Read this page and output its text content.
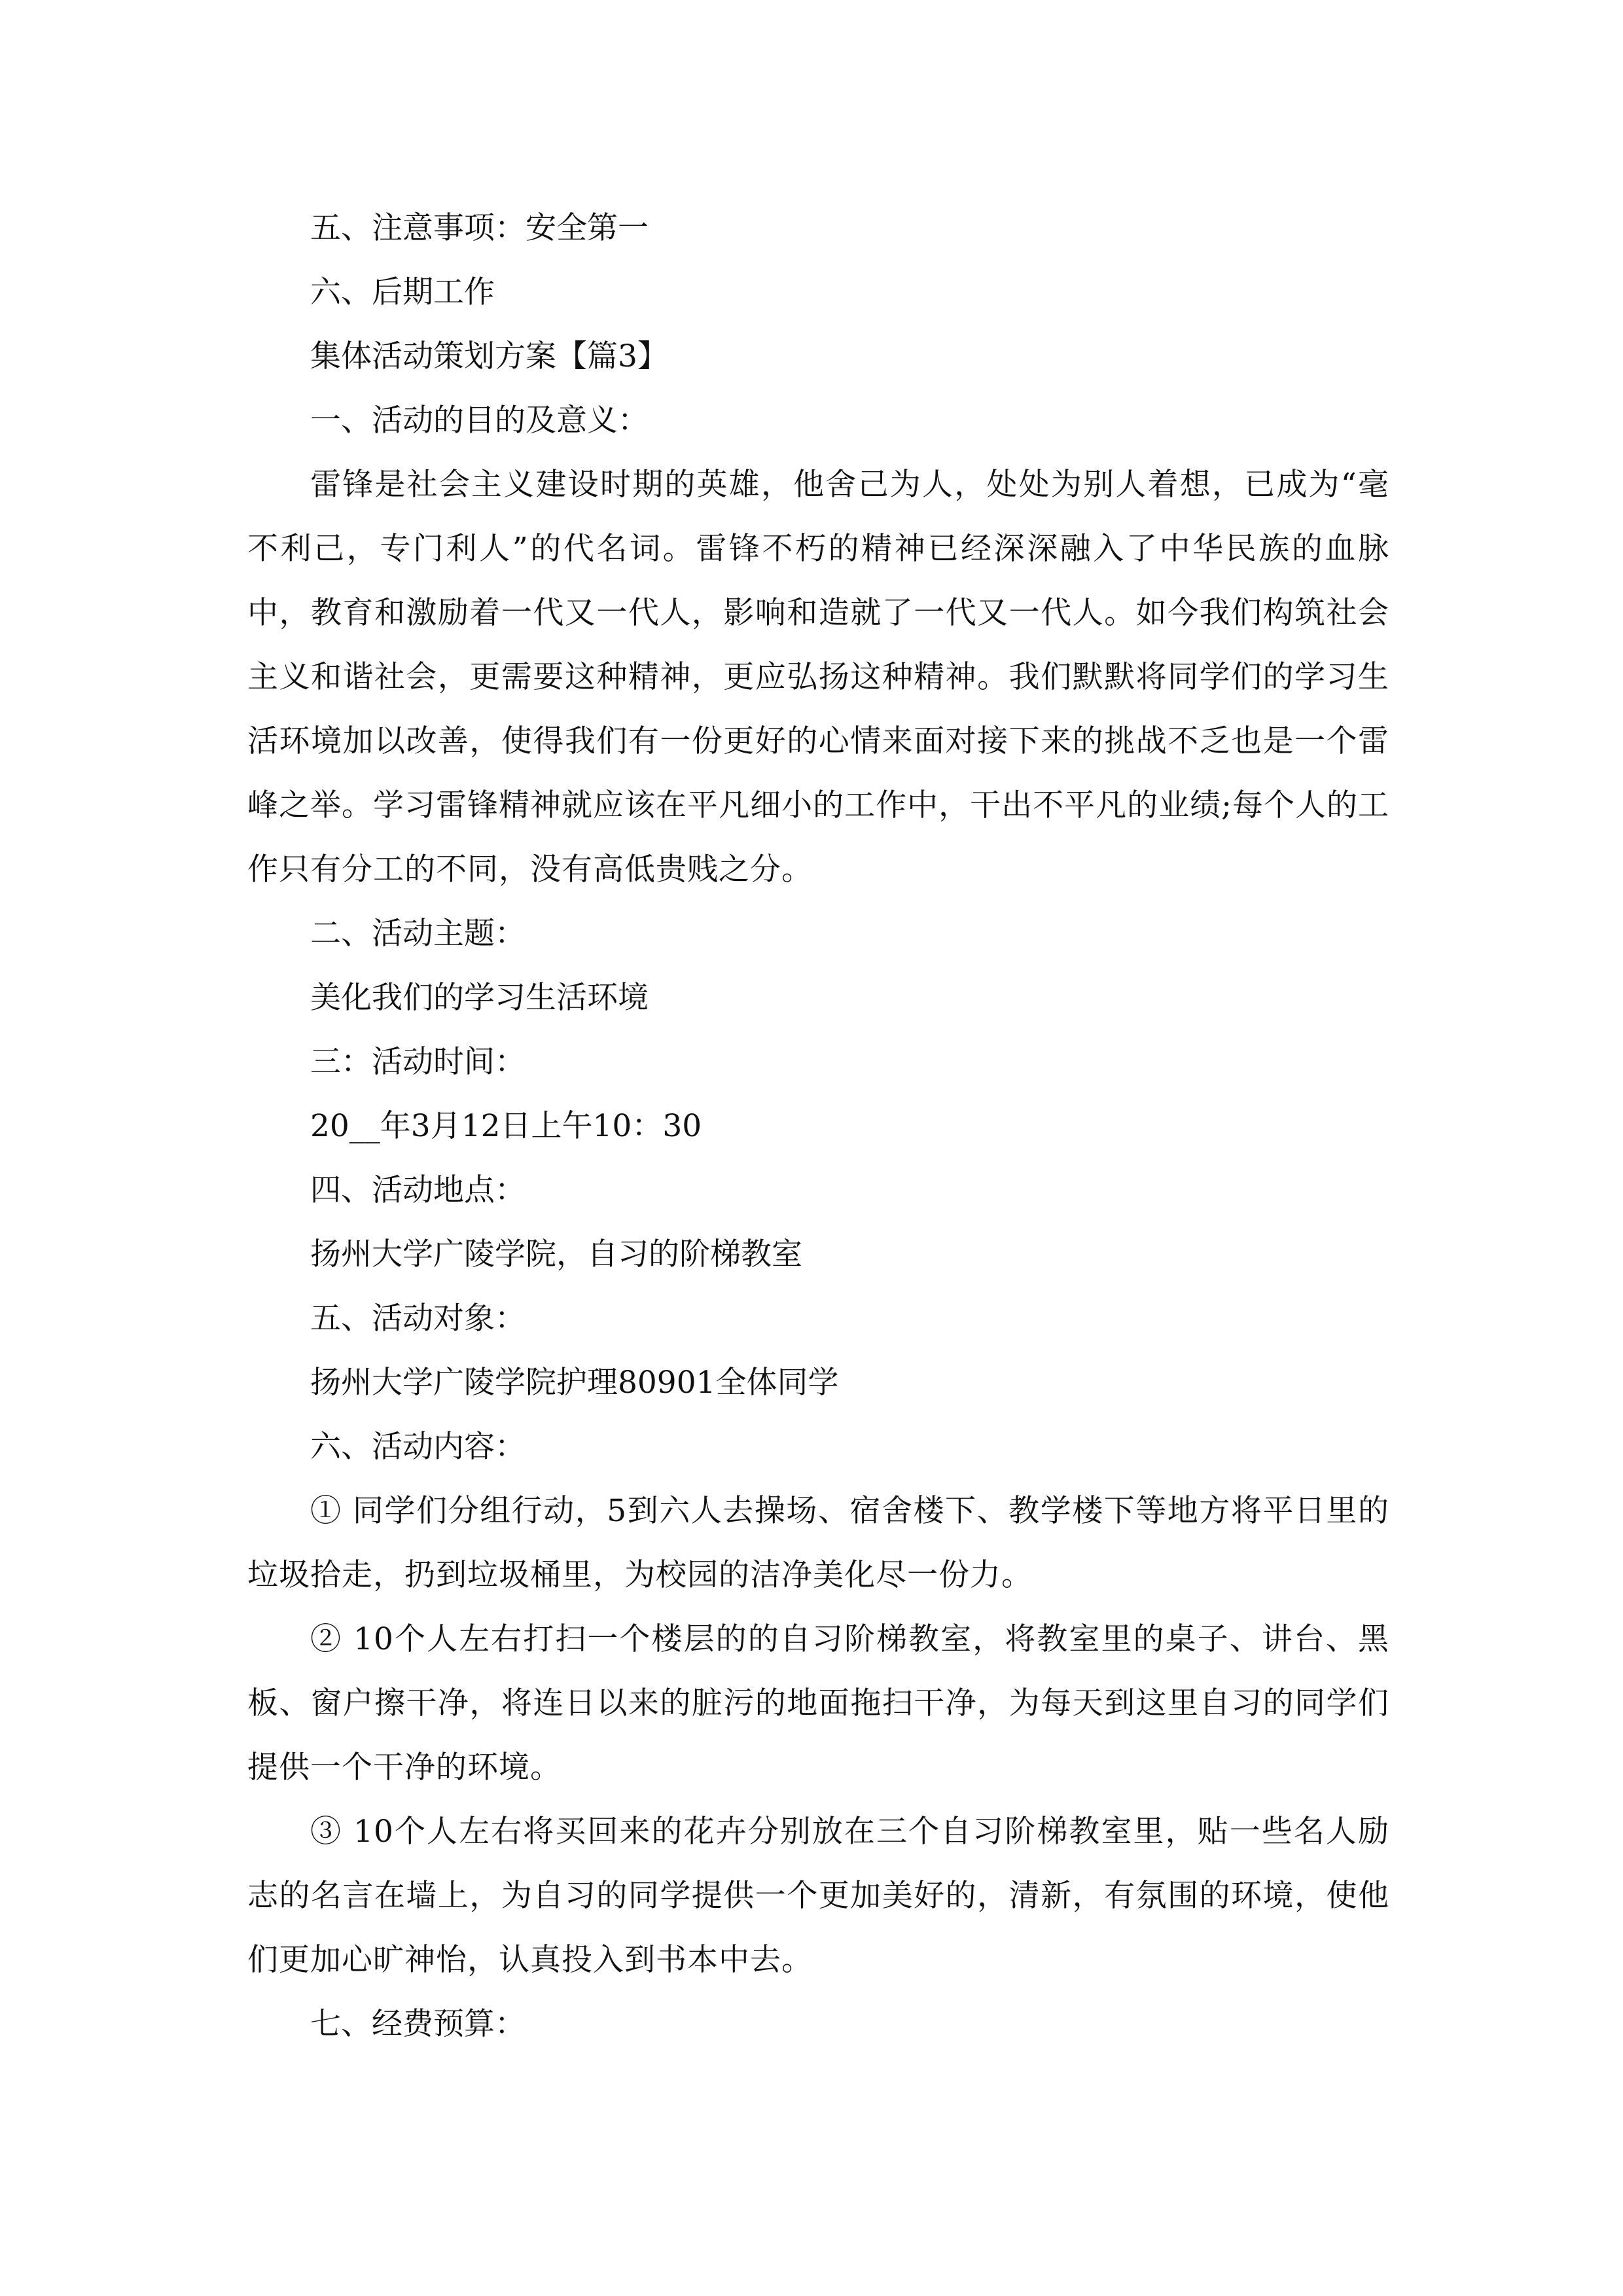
五、注意事项：安全第一

六、后期工作

集体活动策划方案【篇3】

一、活动的目的及意义：

雷锋是社会主义建设时期的英雄，他舍己为人，处处为别人着想，已成为“毫不利己，专门利人”的代名词。雷锋不朽的精神已经深深融入了中华民族的血脉中，教育和激励着一代又一代人，影响和造就了一代又一代人。如今我们构筑社会主义和谐社会，更需要这种精神，更应弘扬这种精神。我们默默将同学们的学习生活环境加以改善，使得我们有一份更好的心情来面对接下来的挑战不乏也是一个雷峰之举。学习雷锋精神就应该在平凡细小的工作中，干出不平凡的业绩;每个人的工作只有分工的不同，没有高低贵贱之分。

二、活动主题：

美化我们的学习生活环境

三：活动时间：

20__年3月12日上午10：30

四、活动地点：

扬州大学广陵学院，自习的阶梯教室

五、活动对象：

扬州大学广陵学院护理80901全体同学

六、活动内容：

① 同学们分组行动，5到六人去操场、宿舍楼下、教学楼下等地方将平日里的垃圾拾走，扔到垃圾桶里，为校园的洁净美化尽一份力。

② 10个人左右打扫一个楼层的的自习阶梯教室，将教室里的桌子、讲台、黑板、窗户擦干净，将连日以来的脏污的地面拖扫干净，为每天到这里自习的同学们提供一个干净的环境。

③ 10个人左右将买回来的花卉分别放在三个自习阶梯教室里，贴一些名人励志的名言在墙上，为自习的同学提供一个更加美好的，清新，有氛围的环境，使他们更加心旷神怡，认真投入到书本中去。

七、经费预算：
